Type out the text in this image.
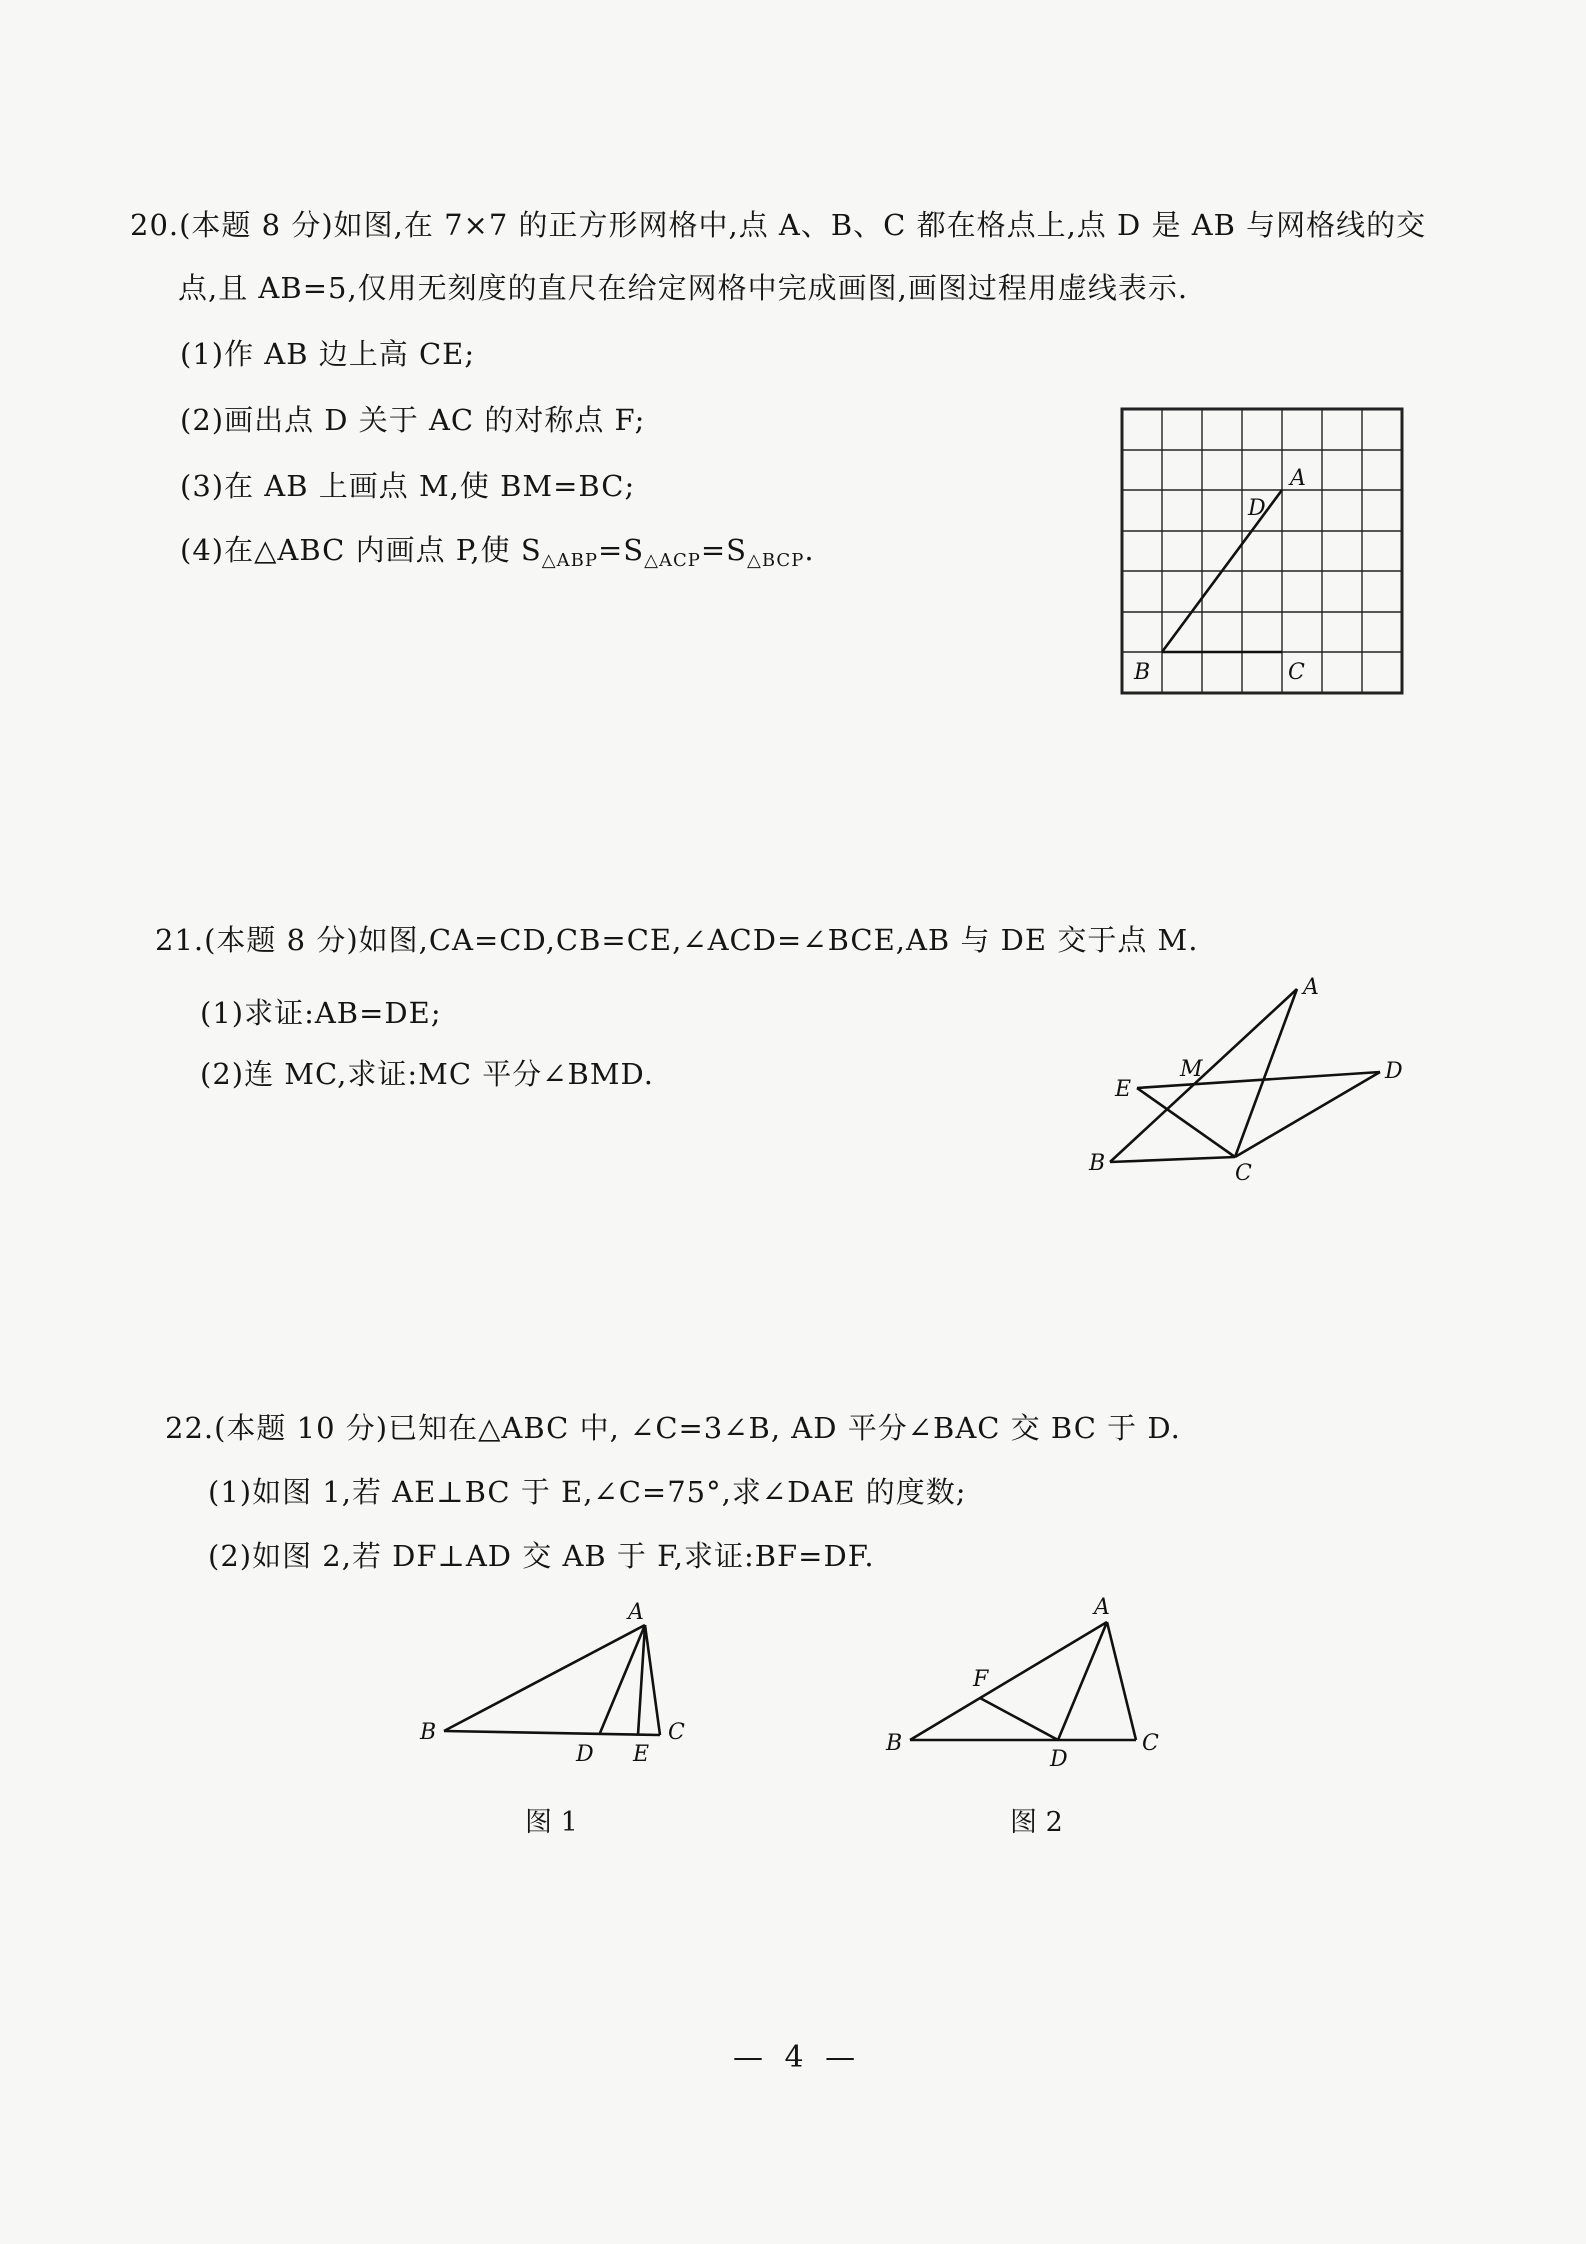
20.(本题 8 分)如图,在 7×7 的正方形网格中,点 A、B、C 都在格点上,点 D 是 AB 与网格线的交
点,且 AB=5,仅用无刻度的直尺在给定网格中完成画图,画图过程用虚线表示.
(1)作 AB 边上高 CE;
(2)画出点 D 关于 AC 的对称点 F;
(3)在 AB 上画点 M,使 BM=BC;
(4)在△ABC 内画点 P,使 $S_{\triangle ABP}=S_{\triangle ACP}=S_{\triangle BCP}$.
A
D
B	C
21.(本题 8 分)如图,CA=CD,CB=CE,∠ACD=∠BCE,AB 与 DE 交于点 M.
(1)求证:AB=DE;
(2)连 MC,求证:MC 平分∠BMD.
A
M	D
E
B	C
22.(本题 10 分)已知在△ABC 中, ∠C=3∠B, AD 平分∠BAC 交 BC 于 D.
(1)如图 1,若 AE⊥BC 于 E,∠C=75°,求∠DAE 的度数;
(2)如图 2,若 DF⊥AD 交 AB 于 F,求证:BF=DF.
A
B
D E
C
图 1
A
F
B
D
C
图 2
— 4 —
